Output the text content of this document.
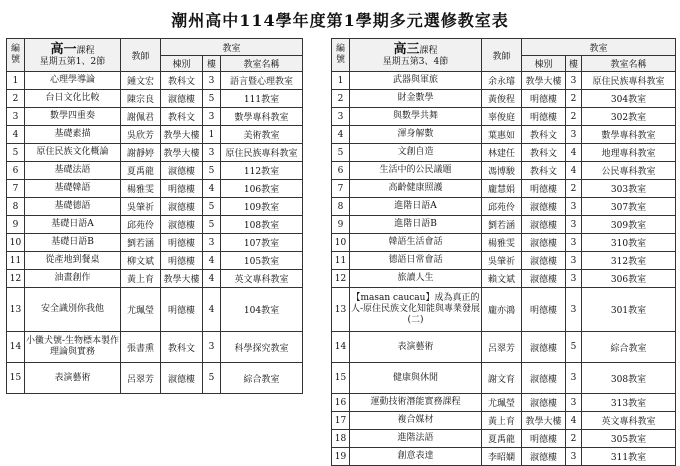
潮州高中114學年度第1學期多元選修教室表
編號	高一課程
星期五第1、2節	教師	教室		
			棟別	樓	教室名稱
1	心理學導論	鍾文宏	教科文	3	語言暨心理教室
2	台日文化比較	陳宗良	淑德樓	5	111教室
3	數學四重奏	謝佩君	教科文	3	數學專科教室
4	基礎素描	吳欣芳	教學大樓	1	美術教室
5	原住民族文化概論	謝靜婷	教學大樓	3	原住民族專科教室
6	基礎法語	夏禹龍	淑德樓	5	112教室
7	基礎韓語	楊雅雯	明德樓	4	106教室
8	基礎德語	吳肇祈	淑德樓	5	109教室
9	基礎日語A	邱苑伶	淑德樓	5	108教室
10	基礎日語B	劉若涵	明德樓	3	107教室
11	從產地到餐桌	柳文斌	明德樓	4	105教室
12	油畫創作	黃上育	教學大樓	4	英文專科教室
13	安全識別你我他	尤珮瑩	明德樓	4	104教室
14	小黴犬號-生物標本製作理論與實務	張書熏	教科文	3	科學探究教室
15	表演藝術	呂翠芳	淑德樓	5	綜合教室
編號	高三課程
星期五第3、4節	教師	教室		
			棟別	樓	教室名稱
1	武器與軍旅	余永璿	教學大樓	3	原住民族專科教室
2	財金數學	黃俊程	明德樓	2	304教室
3	與數學共舞	辜俊庭	明德樓	2	302教室
4	渾身解數	葉惠如	教科文	3	數學專科教室
5	文創自造	林建任	教科文	4	地理專科教室
6	生活中的公民議題	馮博駿	教科文	4	公民專科教室
7	高齡健康照護	龐慧娟	明德樓	2	303教室
8	進階日語A	邱苑伶	淑德樓	3	307教室
9	進階日語B	劉若涵	淑德樓	3	309教室
10	韓語生活會話	楊雅雯	淑德樓	3	310教室
11	德語日常會話	吳肇祈	淑德樓	3	312教室
12	旅讀人生	賴文斌	淑德樓	3	306教室
13	【masan caucau】成為真正的人-原住民族文化知能與專業發展(二)	龐亦鴻	明德樓	3	301教室
14	表演藝術	呂翠芳	淑德樓	5	綜合教室
15	健康與休閒	謝文育	淑德樓	3	308教室
16	運動技術潛能實務課程	尤珮瑩	淑德樓	3	313教室
17	複合媒材	黃上育	教學大樓	4	英文專科教室
18	進階法語	夏禹龍	明德樓	2	305教室
19	創意表達	李昭嫻	淑德樓	3	311教室
